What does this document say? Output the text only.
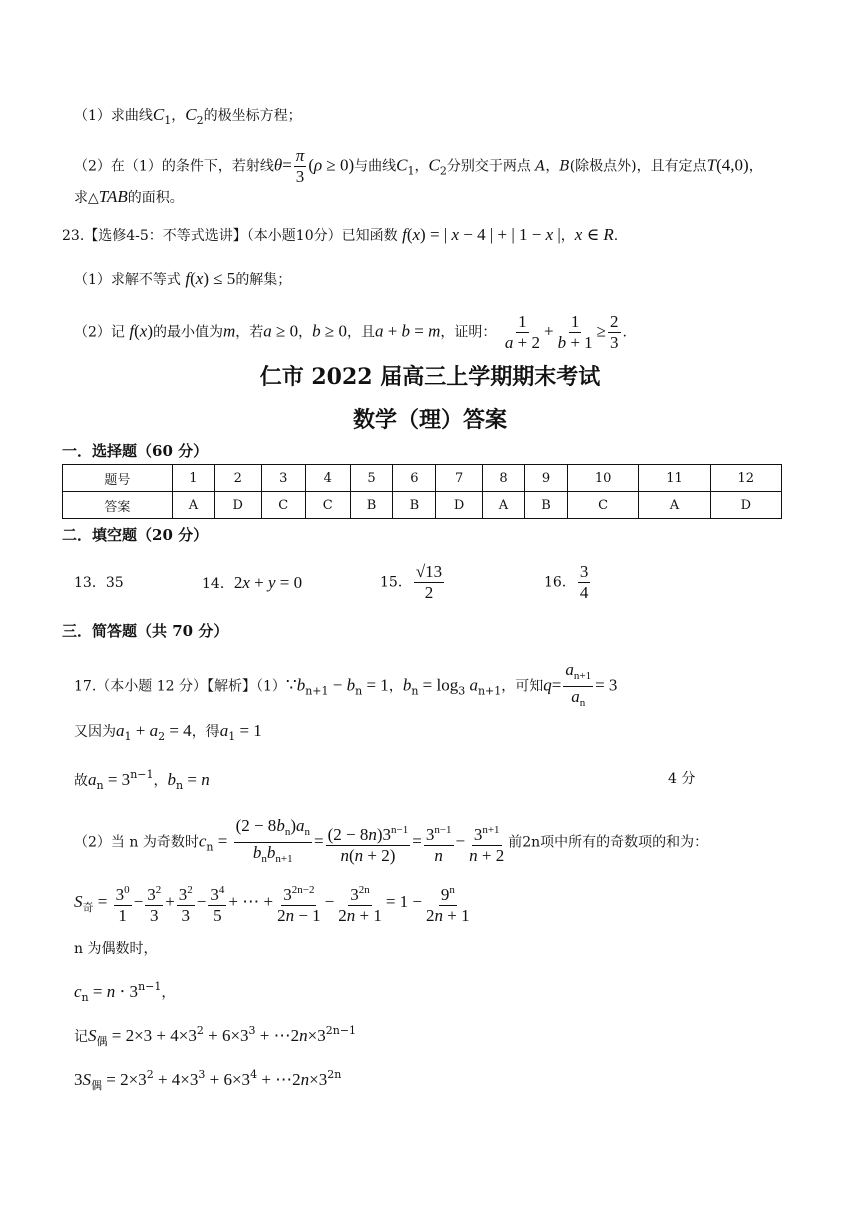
（1）求曲线$C_1$，$C_2$的极坐标方程；
（2）在（1）的条件下，若射线$\theta= \frac{\pi}{3} (\rho \ge 0)$与曲线$C_1$，$C_2$分别交于两点 A，B(除极点外)，且有定点T(4,0)，
求△TAB的面积。
23.【选修4-5：不等式选讲】（本小题10分）已知函数 f(x) = | x − 4 | + | 1 − x |，x ∈ R.
（1）求解不等式 f(x) ≤ 5的解集；
（2）记 f(x)的最小值为m，若a ≥ 0，b ≥ 0，且a + b = m，证明： $\frac{1}{a + 2} + \frac{1}{b + 1} \ge \frac{2}{3}$ .
仁市 2022 届高三上学期期末考试
数学（理）答案
一．选择题（60 分）
题号	1	2	3	4	5	6	7	8	9	10	11	12
答案	A	D	C	C	B	B	D	A	B	C	A	D
二．填空题（20 分）
13．35	14．2x + y = 0	15． $\frac{√13}{2}$	16． $\frac{3}{4}$
三．简答题（共 70 分）
17.（本小题 12 分）【解析】$(1)\because b_{n+1} - b_n = 1$，$b_n = \log_3 a_{n+1}$，可知$q= \frac{a_{n+1}}{a_n} = 3$
又因为$a_1 + a_2 = 4$，得$a_1 = 1$
故$a_n = 3^{n-1}$，$b_n = n$	4 分
（2）当 n 为奇数时$c_n = \frac{(2 - 8b_n)a_n}{b_nb_{n+1}} = \frac{(2 - 8n)3^{n-1}}{n(n + 2)} = \frac{3^{n-1}}{n} - \frac{3^{n+1}}{n + 2}$ 前2n项中所有的奇数项的和为：
$S_奇 = \frac{3^0}{1} - \frac{3^2}{3} + \frac{3^2}{3} - \frac{3^4}{5}$ + ⋯ + $\frac{3^{2n-2}}{2n - 1} - \frac{3^{2n}}{2n + 1} = 1 - \frac{9^n}{2n + 1}$
n 为偶数时，
$c_n = n \cdot 3^{n-1}$，
记$S_偶 = 2\times 3 + 4\times 3^2 + 6\times 3^3$ + $\cdots 2n\times 3^{2n-1}$
$3S_偶 = 2\times 3^2 + 4\times 3^3 + 6\times 3^4$ + $\cdots 2n\times 3^{2n}$
